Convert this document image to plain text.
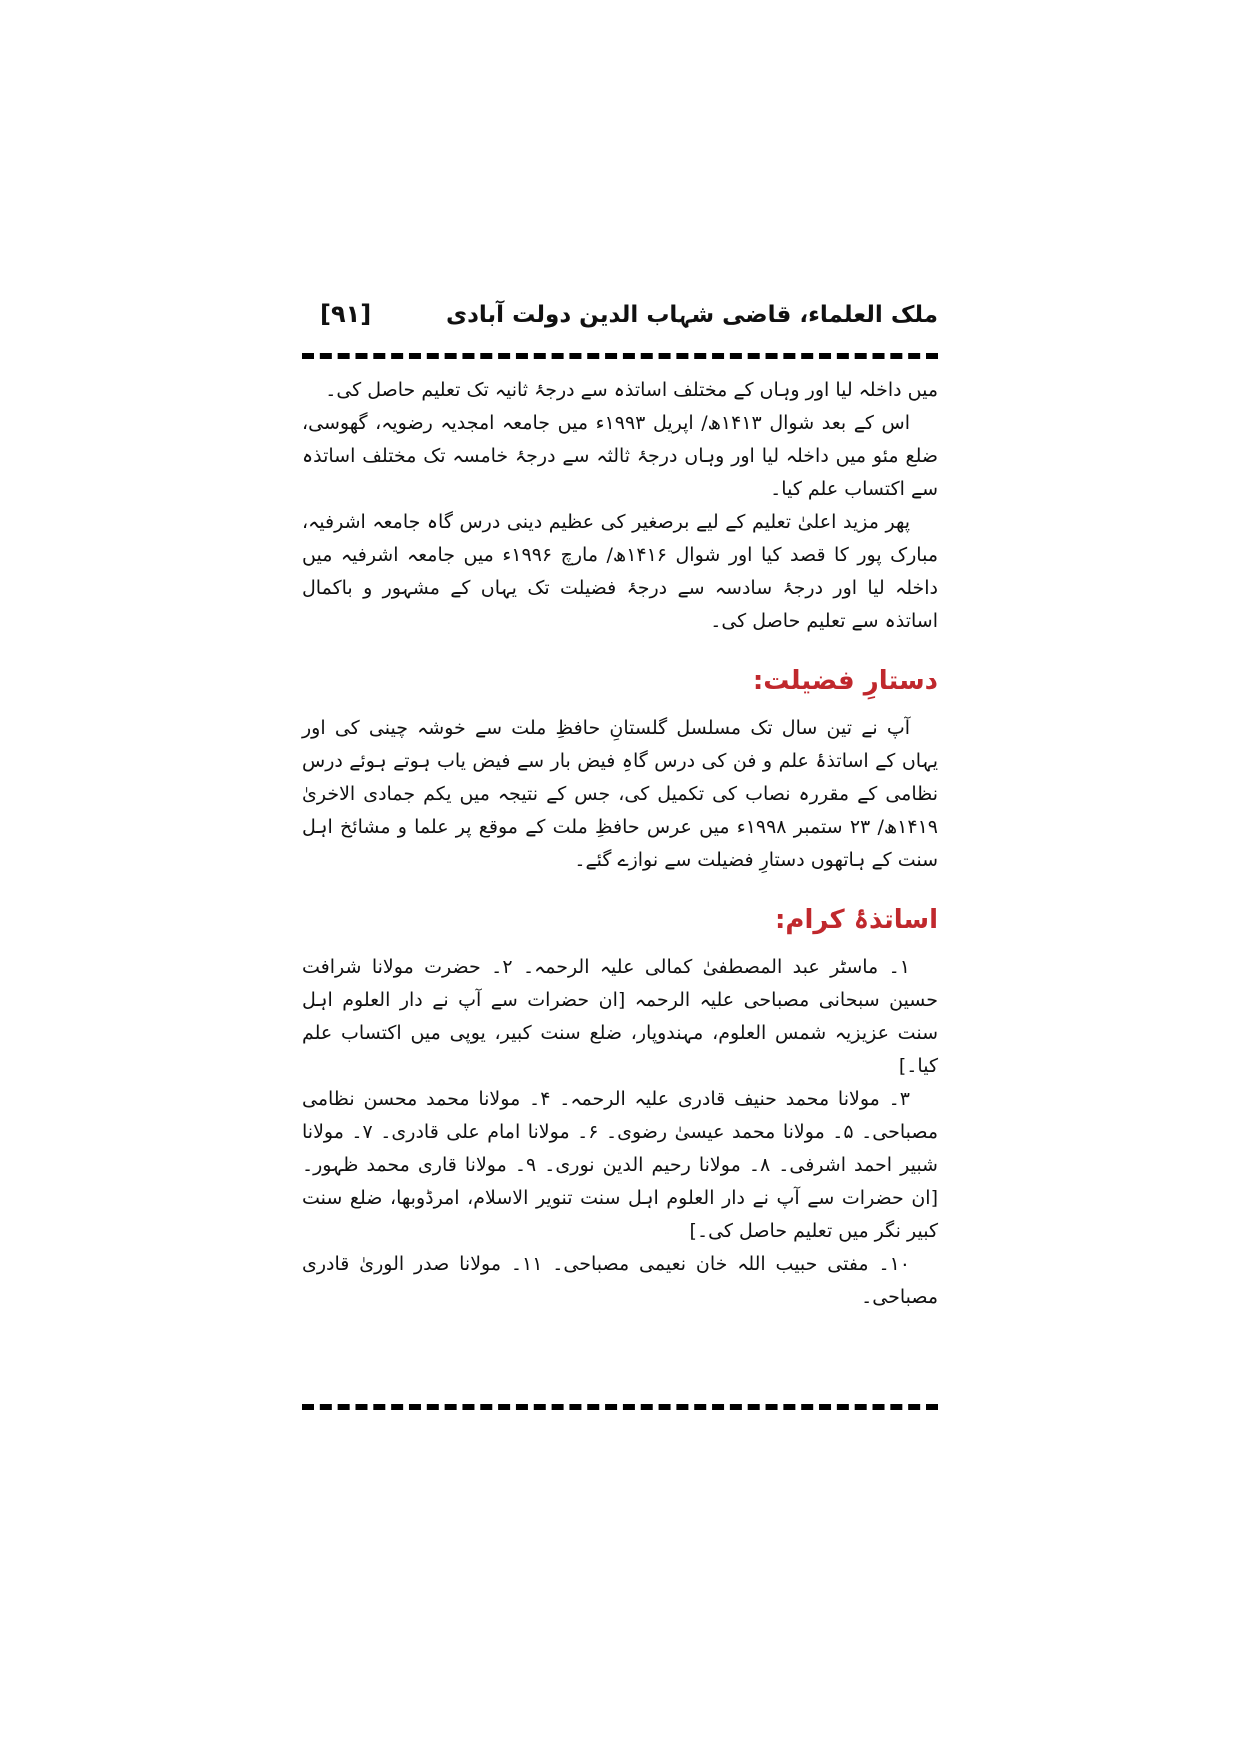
ملک العلماء، قاضی شہاب الدین دولت آبادی
[۹۱]

میں داخلہ لیا اور وہاں کے مختلف اساتذہ سے درجۂ ثانیہ تک تعلیم حاصل کی۔

اس کے بعد شوال ۱۴۱۳ھ/ اپریل ۱۹۹۳ء میں جامعہ امجدیہ رضویہ، گھوسی، ضلع مئو میں داخلہ لیا اور وہاں درجۂ ثالثہ سے درجۂ خامسہ تک مختلف اساتذہ سے اکتساب علم کیا۔

پھر مزید اعلیٰ تعلیم کے لیے برصغیر کی عظیم دینی درس گاہ جامعہ اشرفیہ، مبارک پور کا قصد کیا اور شوال ۱۴۱۶ھ/ مارچ ۱۹۹۶ء میں جامعہ اشرفیہ میں داخلہ لیا اور درجۂ سادسہ سے درجۂ فضیلت تک یہاں کے مشہور و باکمال اساتذہ سے تعلیم حاصل کی۔

دستارِ فضیلت:

آپ نے تین سال تک مسلسل گلستانِ حافظِ ملت سے خوشہ چینی کی اور یہاں کے اساتذۂ علم و فن کی درس گاہِ فیض بار سے فیض یاب ہوتے ہوئے درس نظامی کے مقررہ نصاب کی تکمیل کی، جس کے نتیجہ میں یکم جمادی الاخریٰ ۱۴۱۹ھ/ ۲۳ ستمبر ۱۹۹۸ء میں عرس حافظِ ملت کے موقع پر علما و مشائخ اہل سنت کے ہاتھوں دستارِ فضیلت سے نوازے گئے۔

اساتذۂ کرام:

۱۔ ماسٹر عبد المصطفیٰ کمالی علیہ الرحمہ۔ ۲۔ حضرت مولانا شرافت حسین سبحانی مصباحی علیہ الرحمہ [ان حضرات سے آپ نے دار العلوم اہل سنت عزیزیہ شمس العلوم، مہندوپار، ضلع سنت کبیر، یوپی میں اکتساب علم کیا۔]

۳۔ مولانا محمد حنیف قادری علیہ الرحمہ۔ ۴۔ مولانا محمد محسن نظامی مصباحی۔ ۵۔ مولانا محمد عیسیٰ رضوی۔ ۶۔ مولانا امام علی قادری۔ ۷۔ مولانا شبیر احمد اشرفی۔ ۸۔ مولانا رحیم الدین نوری۔ ۹۔ مولانا قاری محمد ظہور۔ [ان حضرات سے آپ نے دار العلوم اہل سنت تنویر الاسلام، امرڈوبھا، ضلع سنت کبیر نگر میں تعلیم حاصل کی۔]

۱۰۔ مفتی حبیب اللہ خان نعیمی مصباحی۔ ۱۱۔ مولانا صدر الوریٰ قادری مصباحی۔
